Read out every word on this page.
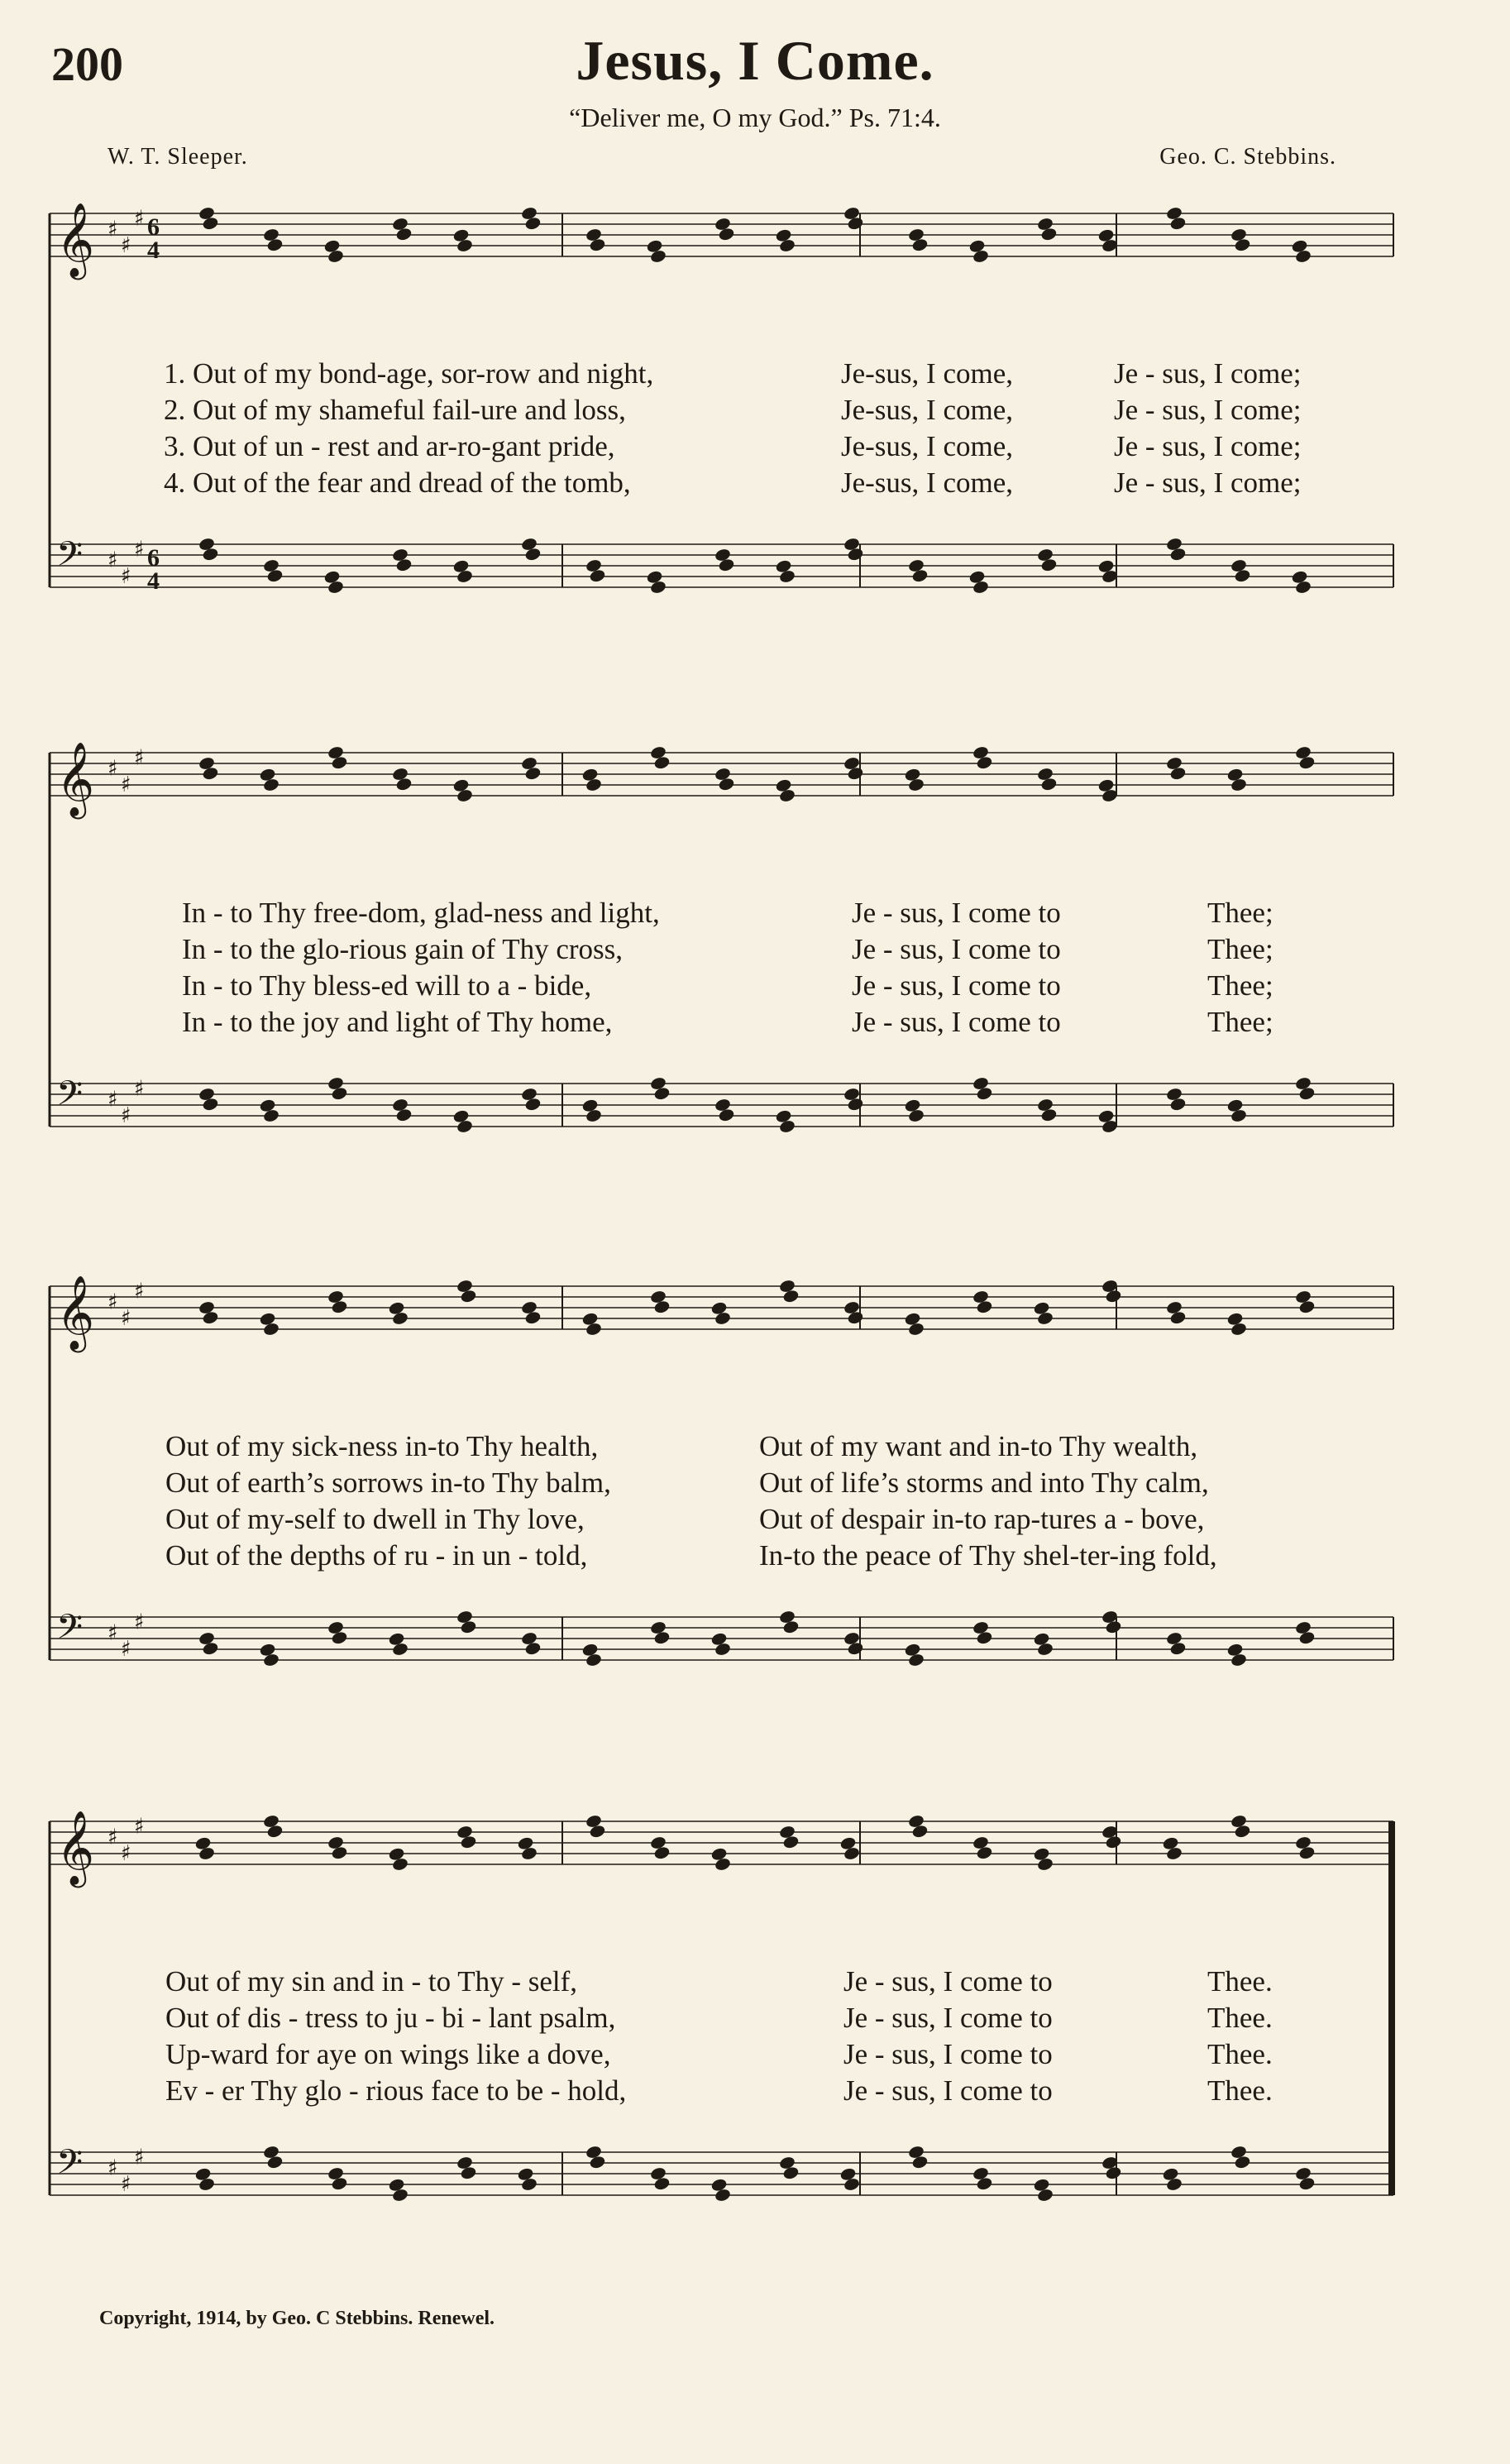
200	Jesus, I Come.
“Deliver me, O my God.” Ps. 71:4.
W. T. Sleeper.	Geo. C. Stebbins.
𝄞 ♯
♯
♯ 6
4
𝄢 ♯
♯
♯ 6
4
1. Out of my bond-age, sor-row and night,	Je-sus, I come,	Je - sus, I come;
2. Out of my shameful fail-ure and loss,	Je-sus, I come,	Je - sus, I come;
3. Out of un - rest and ar-ro-gant pride,	Je-sus, I come,	Je - sus, I come;
4. Out of the fear and dread of the tomb,	Je-sus, I come,	Je - sus, I come;
𝄞 ♯
♯
♯
𝄢 ♯
♯
♯
In - to Thy free-dom, glad-ness and light,	Je - sus, I come to	Thee;
In - to the glo-rious gain of Thy cross,	Je - sus, I come to	Thee;
In - to Thy bless-ed will to a - bide,	Je - sus, I come to	Thee;
In - to the joy and light of Thy home,	Je - sus, I come to	Thee;
𝄞 ♯
♯
♯
𝄢 ♯
♯
♯
Out of my sick-ness in-to Thy health,	Out of my want and in-to Thy wealth,
Out of earth’s sorrows in-to Thy balm,	Out of life’s storms and into Thy calm,
Out of my-self to dwell in Thy love,	Out of despair in-to rap-tures a - bove,
Out of the depths of ru - in un - told,	In-to the peace of Thy shel-ter-ing fold,
𝄞 ♯
♯
♯
𝄢 ♯
♯
♯
Out of my sin and in - to Thy - self,	Je - sus, I come to	Thee.
Out of dis - tress to ju - bi - lant psalm,	Je - sus, I come to	Thee.
Up-ward for aye on wings like a dove,	Je - sus, I come to	Thee.
Ev - er Thy glo - rious face to be - hold,	Je - sus, I come to	Thee.
Copyright, 1914, by Geo. C Stebbins. Renewel.
